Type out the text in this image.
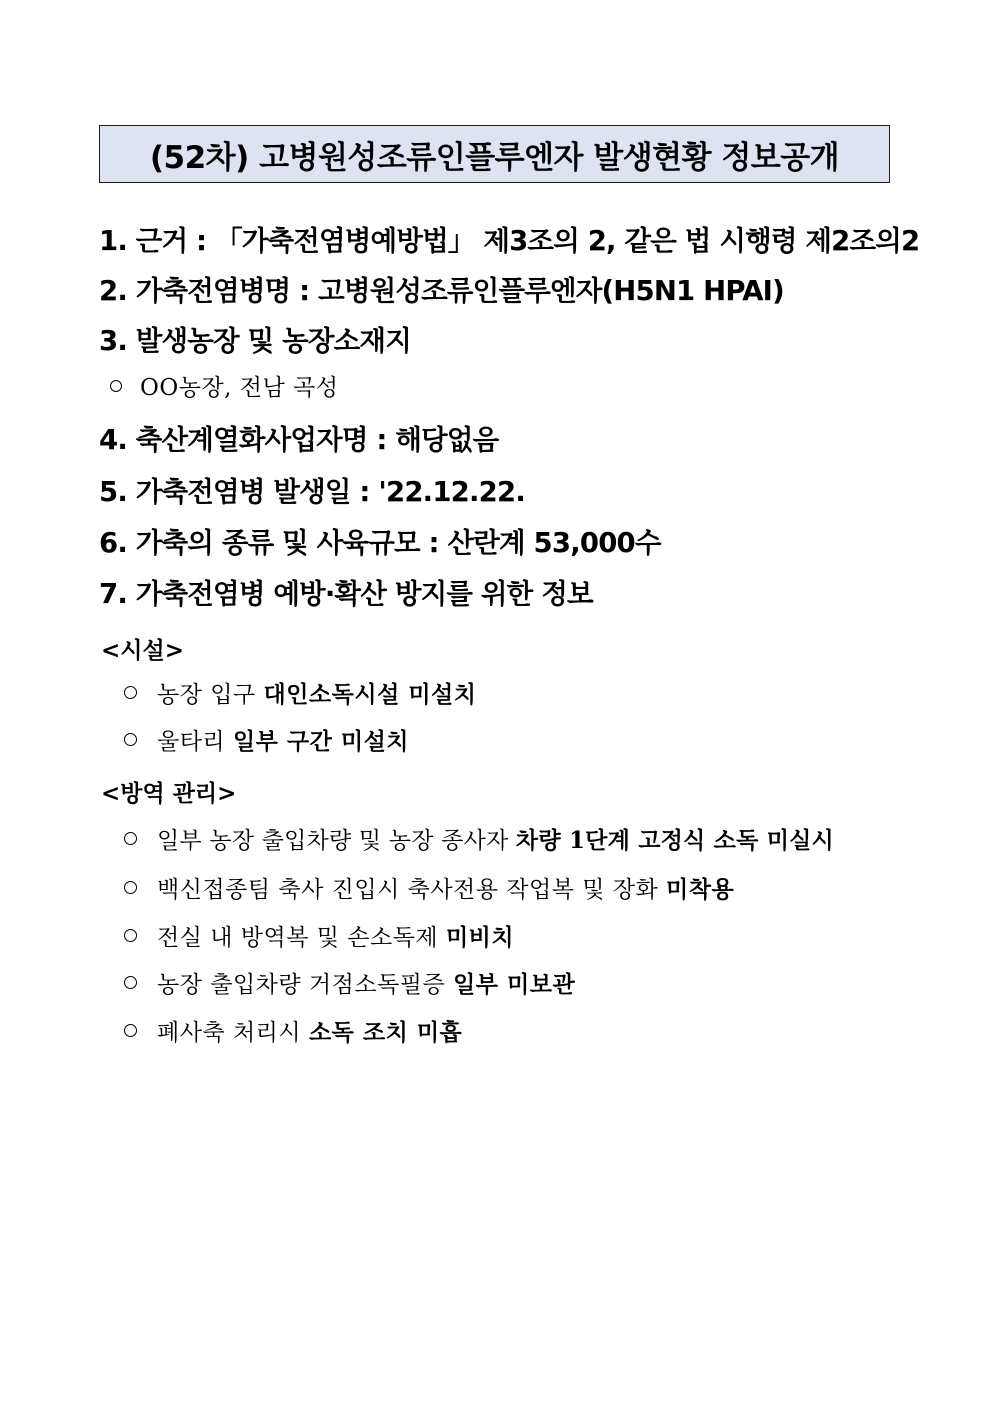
(52차) 고병원성조류인플루엔자 발생현황 정보공개
1. 근거 : 「가축전염병예방법」 제3조의 2, 같은 법 시행령 제2조의2
2. 가축전염병명 : 고병원성조류인플루엔자(H5N1 HPAI)
3. 발생농장 및 농장소재지
OO농장, 전남 곡성
4. 축산계열화사업자명 : 해당없음
5. 가축전염병 발생일 : '22.12.22.
6. 가축의 종류 및 사육규모 : 산란계 53,000수
7. 가축전염병 예방·확산 방지를 위한 정보
<시설>
농장 입구 대인소독시설 미설치
울타리 일부 구간 미설치
<방역 관리>
일부 농장 출입차량 및 농장 종사자 차량 1단계 고정식 소독 미실시
백신접종팀 축사 진입시 축사전용 작업복 및 장화 미착용
전실 내 방역복 및 손소독제 미비치
농장 출입차량 거점소독필증 일부 미보관
폐사축 처리시 소독 조치 미흡
